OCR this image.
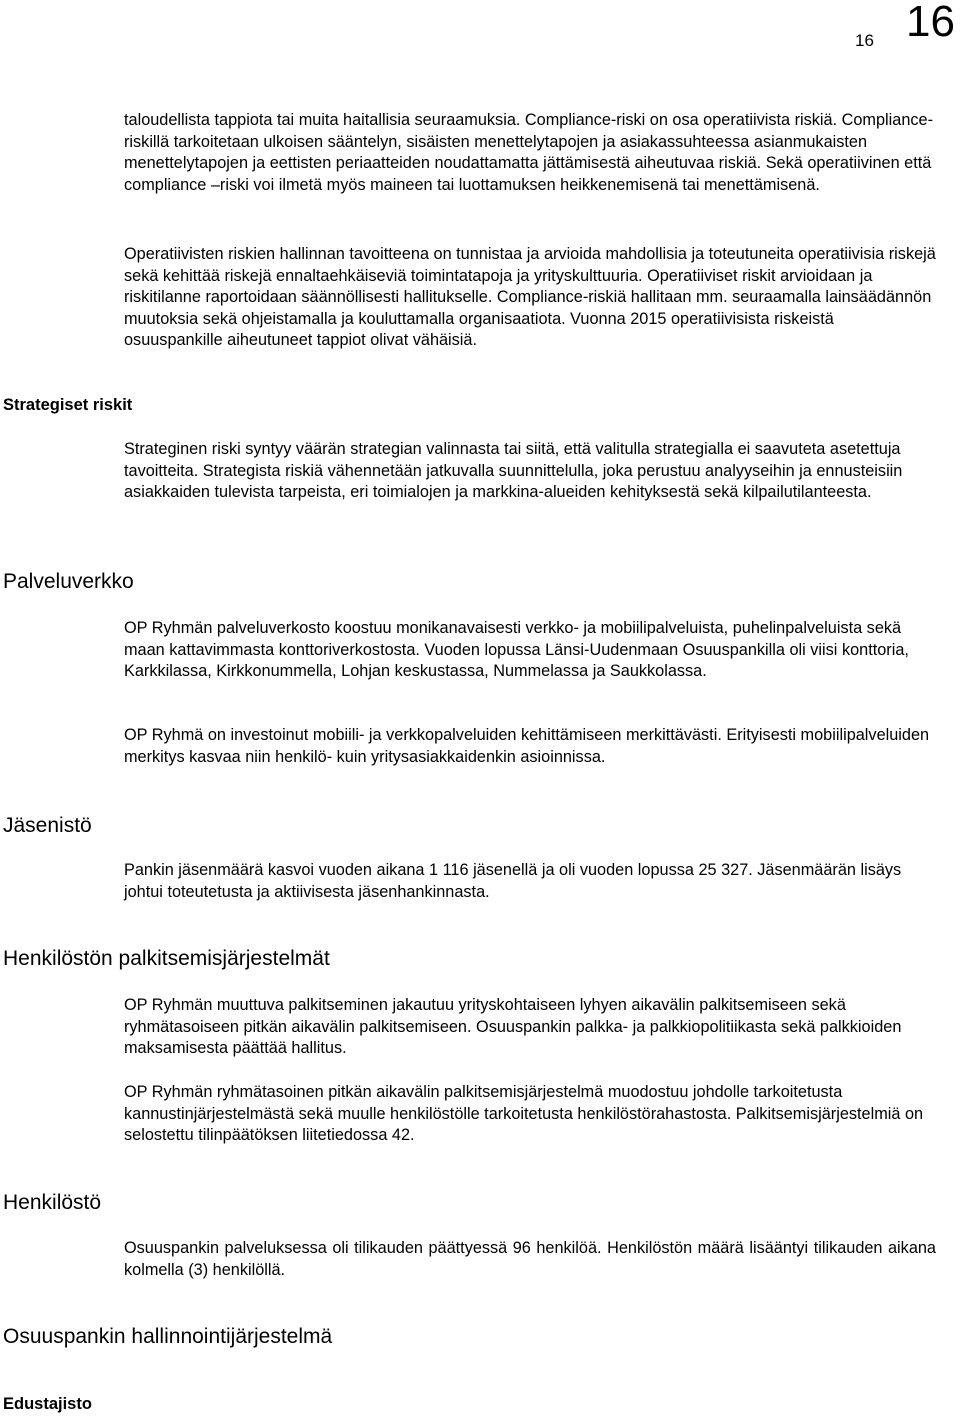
16 16

taloudellista tappiota tai muita haitallisia seuraamuksia. Compliance-riski on osa operatiivista riskiä. Compliance-riskillä tarkoitetaan ulkoisen sääntelyn, sisäisten menettelytapojen ja asiakassuhteessa asianmukaisten menettelytapojen ja eettisten periaatteiden noudattamatta jättämisestä aiheutuvaa riskiä. Sekä operatiivinen että compliance –riski voi ilmetä myös maineen tai luottamuksen heikkenemisenä tai menettämisenä.

Operatiivisten riskien hallinnan tavoitteena on tunnistaa ja arvioida mahdollisia ja toteutuneita operatiivisia riskejä sekä kehittää riskejä ennaltaehkäiseviä toimintatapoja ja yrityskulttuuria. Operatiiviset riskit arvioidaan ja riskitilanne raportoidaan säännöllisesti hallitukselle. Compliance-riskiä hallitaan mm. seuraamalla lainsäädännön muutoksia sekä ohjeistamalla ja kouluttamalla organisaatiota. Vuonna 2015 operatiivisista riskeistä osuuspankille aiheutuneet tappiot olivat vähäisiä.

Strategiset riskit

Strateginen riski syntyy väärän strategian valinnasta tai siitä, että valitulla strategialla ei saavuteta asetettuja tavoitteita. Strategista riskiä vähennetään jatkuvalla suunnittelulla, joka perustuu analyyseihin ja ennusteisiin asiakkaiden tulevista tarpeista, eri toimialojen ja markkina-alueiden kehityksestä sekä kilpailutilanteesta.

Palveluverkko

OP Ryhmän palveluverkosto koostuu monikanavaisesti verkko- ja mobiilipalveluista, puhelinpalveluista sekä maan kattavimmasta konttoriverkostosta. Vuoden lopussa Länsi-Uudenmaan Osuuspankilla oli viisi konttoria, Karkkilassa, Kirkkonummella, Lohjan keskustassa, Nummelassa ja Saukkolassa.

OP Ryhmä on investoinut mobiili- ja verkkopalveluiden kehittämiseen merkittävästi. Erityisesti mobiilipalveluiden merkitys kasvaa niin henkilö- kuin yritysasiakkaidenkin asioinnissa.

Jäsenistö

Pankin jäsenmäärä kasvoi vuoden aikana 1 116 jäsenellä ja oli vuoden lopussa 25 327. Jäsenmäärän lisäys johtui toteutetusta ja aktiivisesta jäsenhankinnasta.

Henkilöstön palkitsemisjärjestelmät

OP Ryhmän muuttuva palkitseminen jakautuu yrityskohtaiseen lyhyen aikavälin palkitsemiseen sekä ryhmätasoiseen pitkän aikavälin palkitsemiseen. Osuuspankin palkka- ja palkkiopolitiikasta sekä palkkioiden maksamisesta päättää hallitus.

OP Ryhmän ryhmätasoinen pitkän aikavälin palkitsemisjärjestelmä muodostuu johdolle tarkoitetusta kannustinjärjestelmästä sekä muulle henkilöstölle tarkoitetusta henkilöstörahastosta. Palkitsemisjärjestelmiä on selostettu tilinpäätöksen liitetiedossa 42.

Henkilöstö

Osuuspankin palveluksessa oli tilikauden päättyessä 96 henkilöä. Henkilöstön määrä lisääntyi tilikauden aikana kolmella (3) henkilöllä.

Osuuspankin hallinnointijärjestelmä
Edustajisto
